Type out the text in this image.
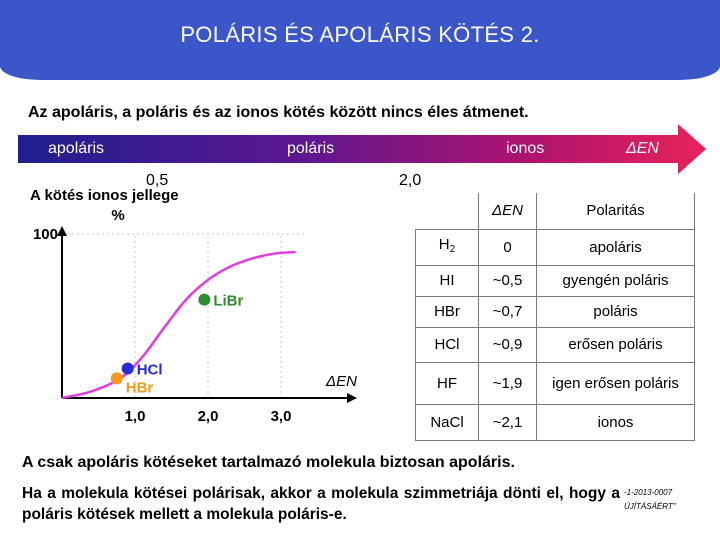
POLÁRIS ÉS APOLÁRIS KÖTÉS 2.
Az apoláris, a poláris és az ionos kötés között nincs éles átmenet.
apoláris	poláris	ionos	ΔEN
0,5	2,0
A kötés ionos jellege
%
100
1,0	2,0	3,0
LiBr
HCl
HBr	ΔEN
	ΔEN	Polaritás
$H_2$	0	apoláris
HI	~0,5	gyengén poláris
HBr	~0,7	poláris
HCl	~0,9	erősen poláris
HF	~1,9	igen erősen poláris
NaCl	~2,1	ionos
A csak apoláris kötéseket tartalmazó molekula biztosan apoláris.
Ha a molekula kötései polárisak, akkor a molekula szimmetriája dönti el, hogy a poláris kötések mellett a molekula poláris-e.
-1-2013-0007
ÚJÍTÁSÁÉRT"
